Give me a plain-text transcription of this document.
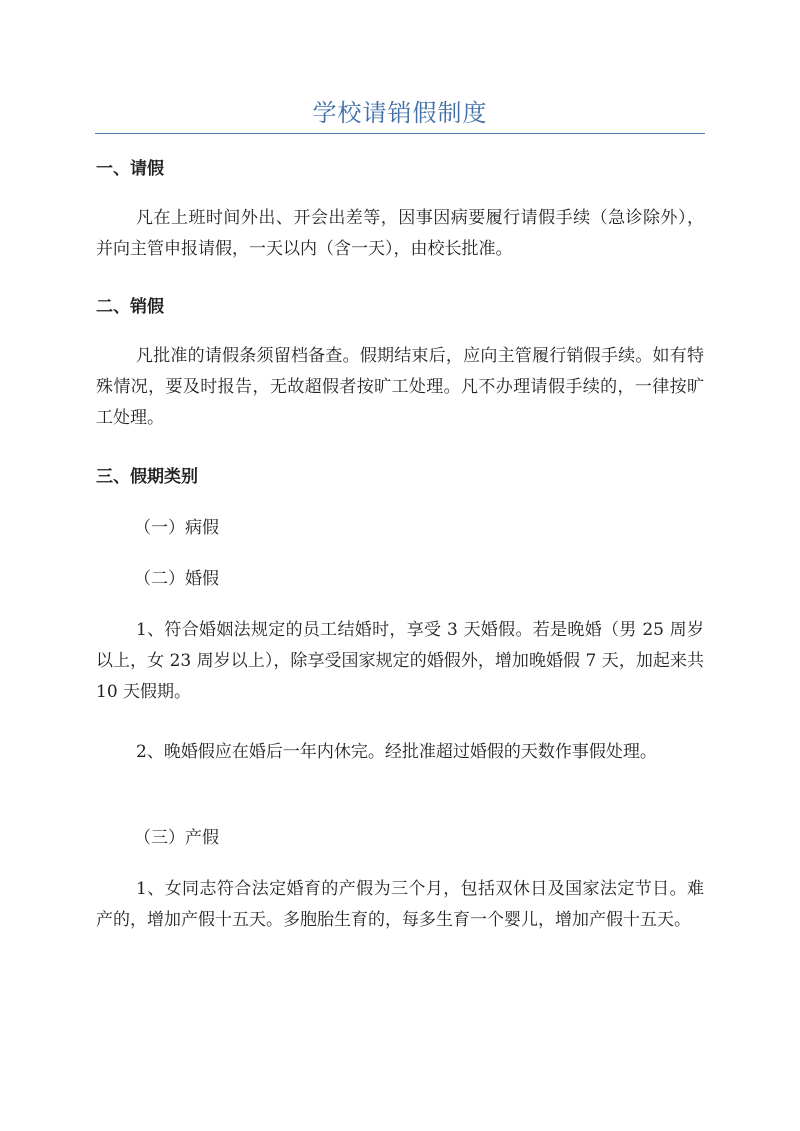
学校请销假制度
一、请假

凡在上班时间外出、开会出差等，因事因病要履行请假手续（急诊除外），并向主管申报请假，一天以内（含一天），由校长批准。

二、销假

凡批准的请假条须留档备查。假期结束后，应向主管履行销假手续。如有特殊情况，要及时报告，无故超假者按旷工处理。凡不办理请假手续的，一律按旷工处理。

三、假期类别

（一）病假

（二）婚假

1、符合婚姻法规定的员工结婚时，享受 3 天婚假。若是晚婚（男 25 周岁以上，女 23 周岁以上），除享受国家规定的婚假外，增加晚婚假 7 天，加起来共 10 天假期。

2、晚婚假应在婚后一年内休完。经批准超过婚假的天数作事假处理。

（三）产假

1、女同志符合法定婚育的产假为三个月，包括双休日及国家法定节日。难产的，增加产假十五天。多胞胎生育的，每多生育一个婴儿，增加产假十五天。
